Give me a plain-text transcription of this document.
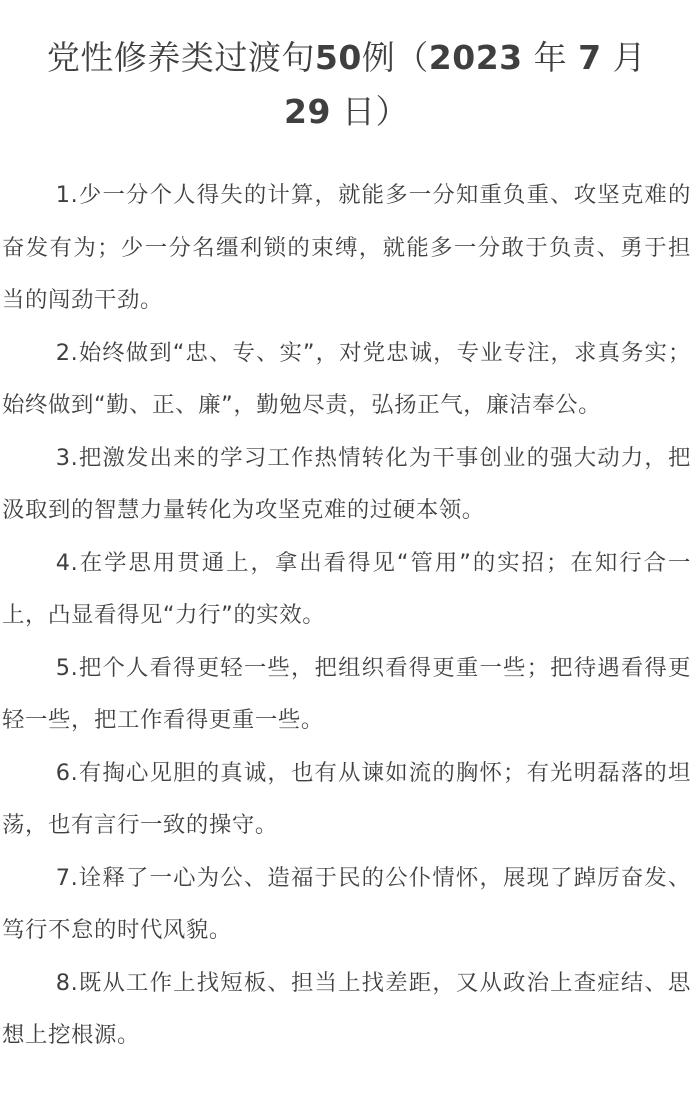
党性修养类过渡句50例（2023 年 7 月
29 日）

1.少一分个人得失的计算，就能多一分知重负重、攻坚克难的奋发有为；少一分名缰利锁的束缚，就能多一分敢于负责、勇于担当的闯劲干劲。

2.始终做到“忠、专、实”，对党忠诚，专业专注，求真务实；始终做到“勤、正、廉”，勤勉尽责，弘扬正气，廉洁奉公。

3.把激发出来的学习工作热情转化为干事创业的强大动力，把汲取到的智慧力量转化为攻坚克难的过硬本领。

4.在学思用贯通上，拿出看得见“管用”的实招；在知行合一上，凸显看得见“力行”的实效。

5.把个人看得更轻一些，把组织看得更重一些；把待遇看得更轻一些，把工作看得更重一些。

6.有掏心见胆的真诚，也有从谏如流的胸怀；有光明磊落的坦荡，也有言行一致的操守。

7.诠释了一心为公、造福于民的公仆情怀，展现了踔厉奋发、笃行不怠的时代风貌。

8.既从工作上找短板、担当上找差距，又从政治上查症结、思想上挖根源。
